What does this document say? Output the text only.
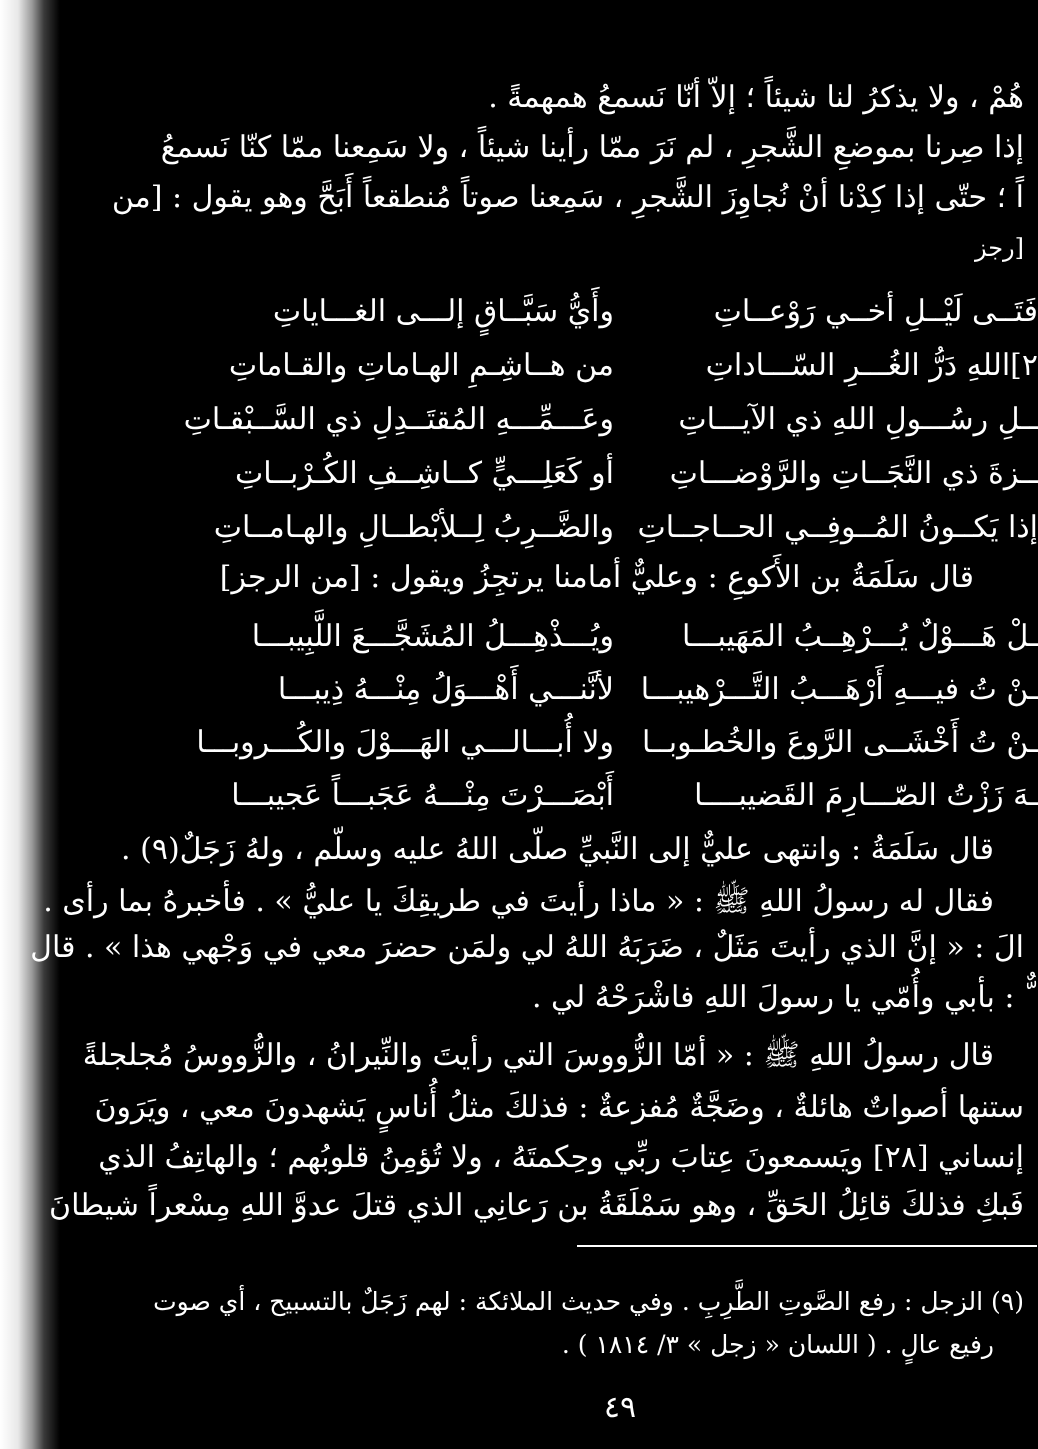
هُمْ ، ولا يذكرُ لنا شيئاً ؛ إلاّ أنّا نَسمعُ همهمةً .
إذا صِرنا بموضعِ الشَّجرِ ، لم نَرَ ممّا رأينا شيئاً ، ولا سَمِعنا ممّا كنّا نَسمعُ
اً ؛ حتّى إذا كِدْنا أنْ نُجاوِزَ الشَّجرِ ، سَمِعنا صوتاً مُنطقعاً أَبَحَّ وهو يقول : [من
[رجز
فَتَــى لَيْــلِ أخــي رَوْعــاتِ
وأَيُّ سَبَّــاقٍ إلـــى الغـــاياتِ
٢]اللهِ دَرُّ الغُـــرِ السّـــاداتِ
من هــاشِـمِ الهـاماتِ والقـاماتِ
ــلِ رسُـــولِ اللهِ ذي الآيـــاتِ
وعَـــمِّـــهِ المُقتَــدِلِ ذي السَّــبْقـاتِ
ــزةَ ذي النَّجَــاتِ والرَّوْضـــاتِ
أو كَعَلِـــيٍّ كــاشِــفِ الكُـرْبــاتِ
إذا يَكــونُ المُــوفِــي الحــاجــاتِ
والضَّــرِبُ لِــلأبْطــالِ والهـامــاتِ
قال سَلَمَةُ بن الأَكوعِ : وعليٌّ أمامنا يرتجِزُ ويقول : [من الرجز]
ـلْ هَـــوْلٌ يُـــرْهِــبُ المَهَيبـــا
ويُـــذْهِـــلُ المُشَجَّـــعَ اللَّبِيبـــا
ـنْ تُ فيـــهِ أَرْهَـــبُ التَّـــرْهيبـــا
لأنَّنـــي أَهْـــوَلُ مِنْـــهُ ذِيبـــا
ـنْ تُ أَخْشَــى الرَّوعَ والخُطـوبــا
ولا أُبـــالـــي الهَـــوْلَ والكُـــروبـــا
ـهَ زَزْتُ الصّـــارِمَ القَضيبــــا
أَبْصَـــرْتَ مِنْـــهُ عَجَبـــاً عَجيبـــا
قال سَلَمَةُ : وانتهى عليٌّ إلى النَّبيِّ صلّى اللهُ عليه وسلّم ، ولهُ زَجَلٌ(٩) .
فقال له رسولُ اللهِ ﷺ : « ماذا رأيتَ في طريقِكَ يا عليُّ » . فأخبرهُ بما رأى .
الَ : « إنَّ الذي رأيتَ مَثَلٌ ، ضَرَبَهُ اللهُ لي ولمَن حضرَ معي في وَجْهي هذا » . قال
ٌّ : بأبي وأُمّي يا رسولَ اللهِ فاشْرَحْهُ لي .
قال رسولُ اللهِ ﷺ : « أمّا الزُّووسَ التي رأيتَ والنِّيرانُ ، والزُّووسُ مُجلجلةً
ستنها أصواتٌ هائلةٌ ، وضَجَّةٌ مُفزعةٌ : فذلكَ مثلُ أُناسٍ يَشهدونَ معي ، ويَرَونَ
إنساني [٢٨] ويَسمعونَ عِتابَ ربِّي وحِكمتَهُ ، ولا تُؤمِنُ قلوبُهم ؛ والهاتِفُ الذي
فَبكِ فذلكَ قائِلُ الحَقِّ ، وهو سَمْلَقَةُ بن رَعانِي الذي قتلَ عدوَّ اللهِ مِسْعراً شيطانَ
(٩) الزجل : رفع الصَّوتِ الطَّرِبِ . وفي حديث الملائكة : لهم زَجَلٌ بالتسبيح ، أي صوت
رفيع عالٍ . ( اللسان « زجل » ٣/ ١٨١٤ ) .
٤٩
